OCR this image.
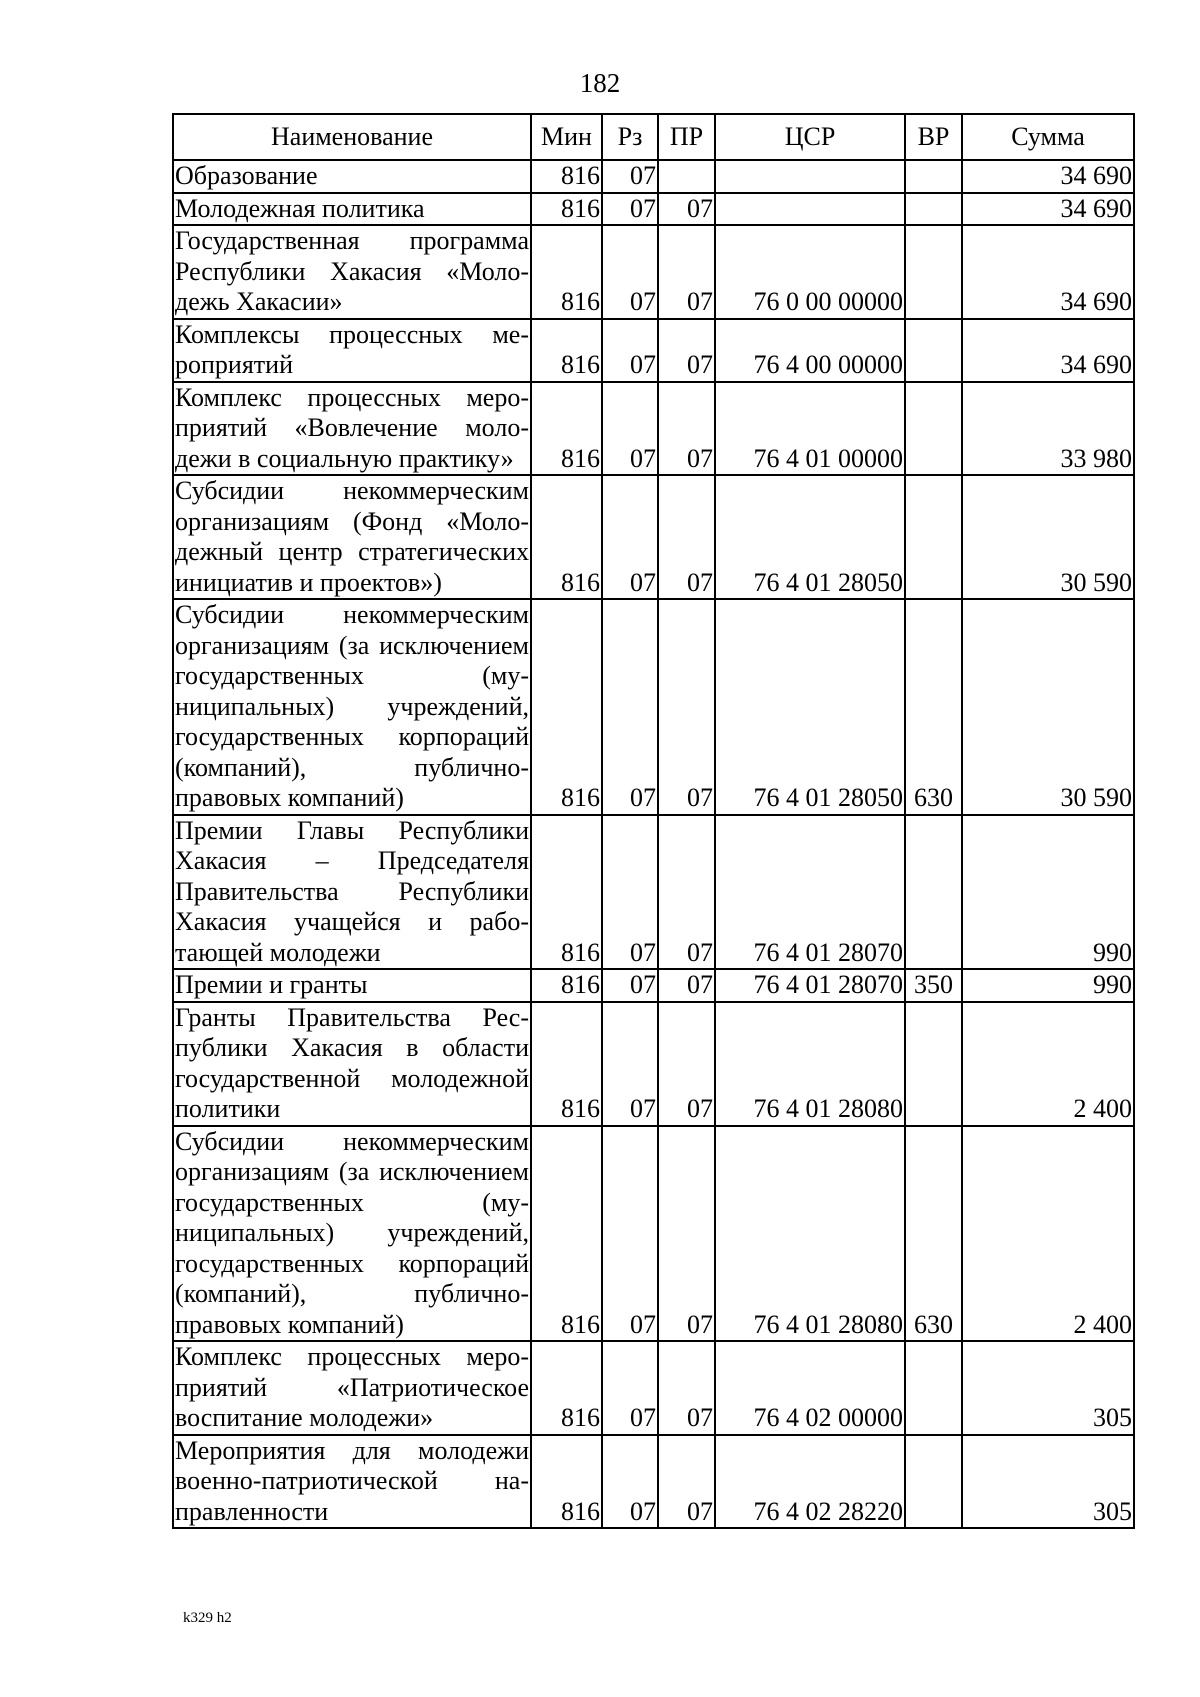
182
Наименование	Мин	Рз	ПР	ЦСР	ВР	Сумма
Образование	816	07				34 690
Молодежная политика	816	07	07			34 690
Государственная программа Республики Хакасия «Молодежь Хакасии»	816	07	07	76 0 00 00000		34 690
Комплексы процессных мероприятий	816	07	07	76 4 00 00000		34 690
Комплекс процессных мероприятий «Вовлечение молодежи в социальную практику»	816	07	07	76 4 01 00000		33 980
Субсидии некоммерческим организациям (Фонд «Молодежный центр стратегических инициатив и проектов»)	816	07	07	76 4 01 28050		30 590
Субсидии некоммерческим организациям (за исключением государственных (муниципальных) учреждений, государственных корпораций (компаний), публично-правовых компаний)	816	07	07	76 4 01 28050	630	30 590
Премии Главы Республики Хакасия – Председателя Правительства Республики Хакасия учащейся и работающей молодежи	816	07	07	76 4 01 28070		990
Премии и гранты	816	07	07	76 4 01 28070	350	990
Гранты Правительства Республики Хакасия в области государственной молодежной политики	816	07	07	76 4 01 28080		2 400
Субсидии некоммерческим организациям (за исключением государственных (муниципальных) учреждений, государственных корпораций (компаний), публично-правовых компаний)	816	07	07	76 4 01 28080	630	2 400
Комплекс процессных мероприятий «Патриотическое воспитание молодежи»	816	07	07	76 4 02 00000		305
Мероприятия для молодежи военно-патриотической направленности	816	07	07	76 4 02 28220		305
k329 h2
